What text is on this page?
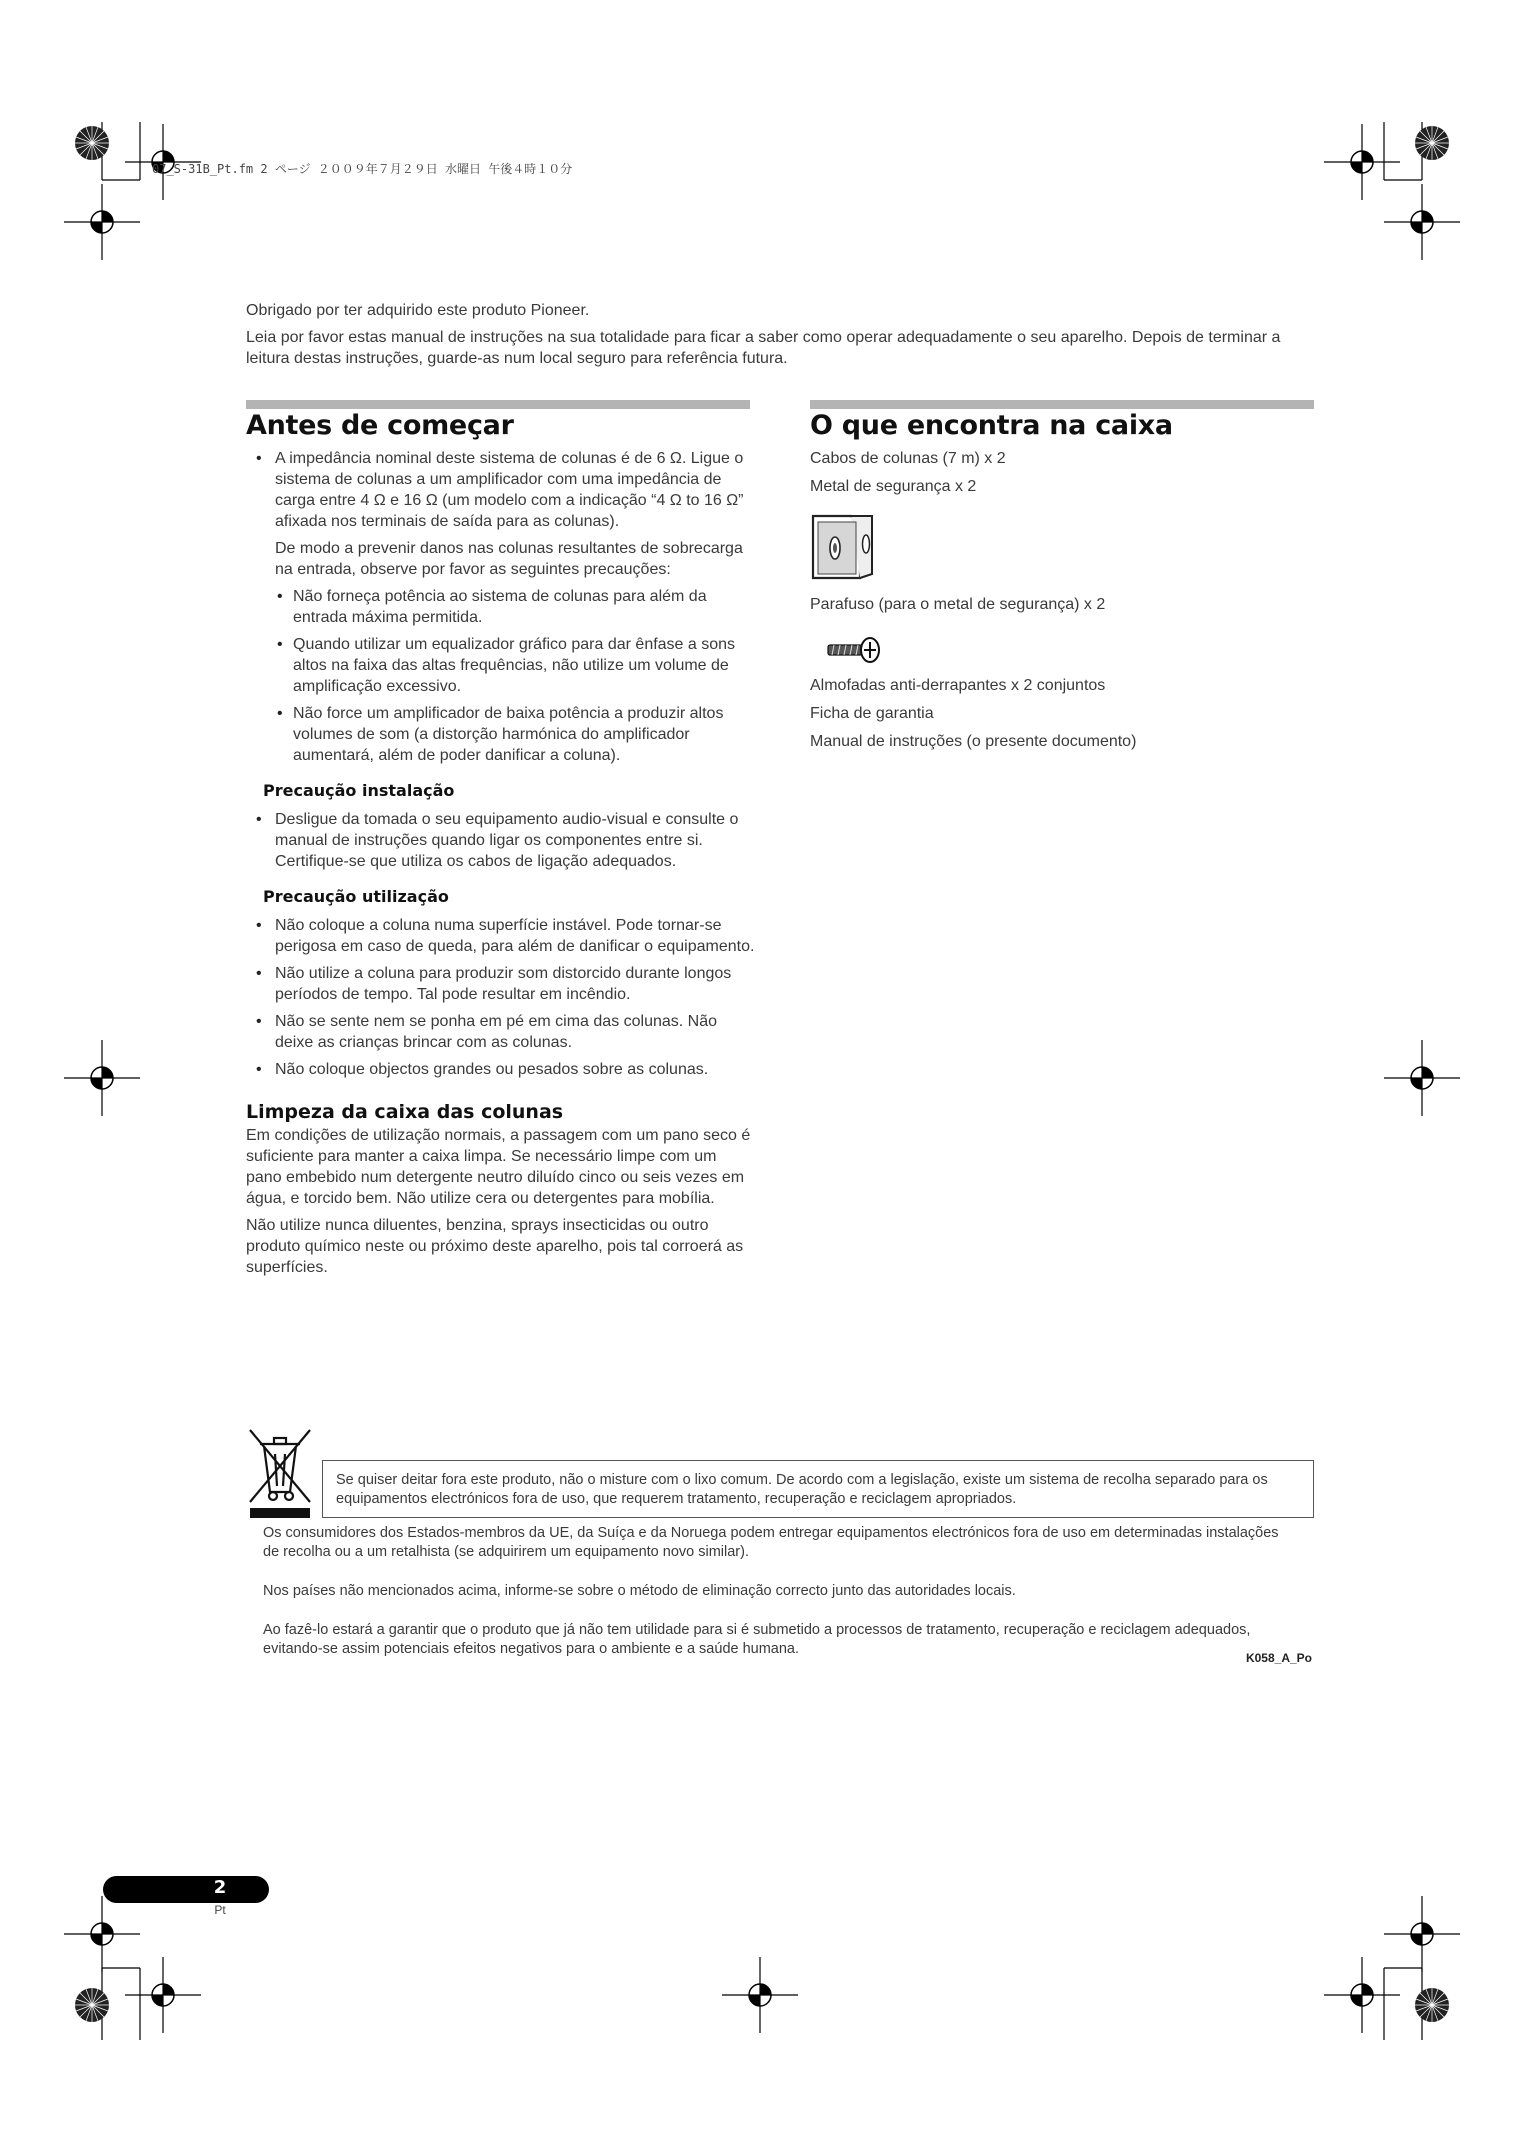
07_S-31B_Pt.fm 2 ページ ２００９年７月２９日 水曜日 午後４時１０分

Obrigado por ter adquirido este produto Pioneer.

Leia por favor estas manual de instruções na sua totalidade para ficar a saber como operar adequadamente o seu aparelho. Depois de terminar a leitura destas instruções, guarde-as num local seguro para referência futura.

Antes de começar

• A impedância nominal deste sistema de colunas é de 6 Ω. Ligue o sistema de colunas a um amplificador com uma impedância de carga entre 4 Ω e 16 Ω (um modelo com a indicação “4 Ω to 16 Ω” afixada nos terminais de saída para as colunas).

De modo a prevenir danos nas colunas resultantes de sobrecarga na entrada, observe por favor as seguintes precauções:

• Não forneça potência ao sistema de colunas para além da entrada máxima permitida.
• Quando utilizar um equalizador gráfico para dar ênfase a sons altos na faixa das altas frequências, não utilize um volume de amplificação excessivo.
• Não force um amplificador de baixa potência a produzir altos volumes de som (a distorção harmónica do amplificador aumentará, além de poder danificar a coluna).
Precaução instalação
• Desligue da tomada o seu equipamento audio-visual e consulte o manual de instruções quando ligar os componentes entre si. Certifique-se que utiliza os cabos de ligação adequados.
Precaução utilização
• Não coloque a coluna numa superfície instável. Pode tornar-se perigosa em caso de queda, para além de danificar o equipamento.
• Não utilize a coluna para produzir som distorcido durante longos períodos de tempo. Tal pode resultar em incêndio.
• Não se sente nem se ponha em pé em cima das colunas. Não deixe as crianças brincar com as colunas.
• Não coloque objectos grandes ou pesados sobre as colunas.
Limpeza da caixa das colunas

Em condições de utilização normais, a passagem com um pano seco é suficiente para manter a caixa limpa. Se necessário limpe com um pano embebido num detergente neutro diluído cinco ou seis vezes em água, e torcido bem. Não utilize cera ou detergentes para mobília.

Não utilize nunca diluentes, benzina, sprays insecticidas ou outro produto químico neste ou próximo deste aparelho, pois tal corroerá as superfícies.

O que encontra na caixa

Cabos de colunas (7 m) x 2

Metal de segurança x 2

Parafuso (para o metal de segurança) x 2

Almofadas anti-derrapantes x 2 conjuntos

Ficha de garantia

Manual de instruções (o presente documento)

Se quiser deitar fora este produto, não o misture com o lixo comum. De acordo com a legislação, existe um sistema de recolha separado para os equipamentos electrónicos fora de uso, que requerem tratamento, recuperação e reciclagem apropriados.

Os consumidores dos Estados-membros da UE, da Suíça e da Noruega podem entregar equipamentos electrónicos fora de uso em determinadas instalações de recolha ou a um retalhista (se adquirirem um equipamento novo similar).

Nos países não mencionados acima, informe-se sobre o método de eliminação correcto junto das autoridades locais.

Ao fazê-lo estará a garantir que o produto que já não tem utilidade para si é submetido a processos de tratamento, recuperação e reciclagem adequados, evitando-se assim potenciais efeitos negativos para o ambiente e a saúde humana.

K058_A_Po
2
Pt
